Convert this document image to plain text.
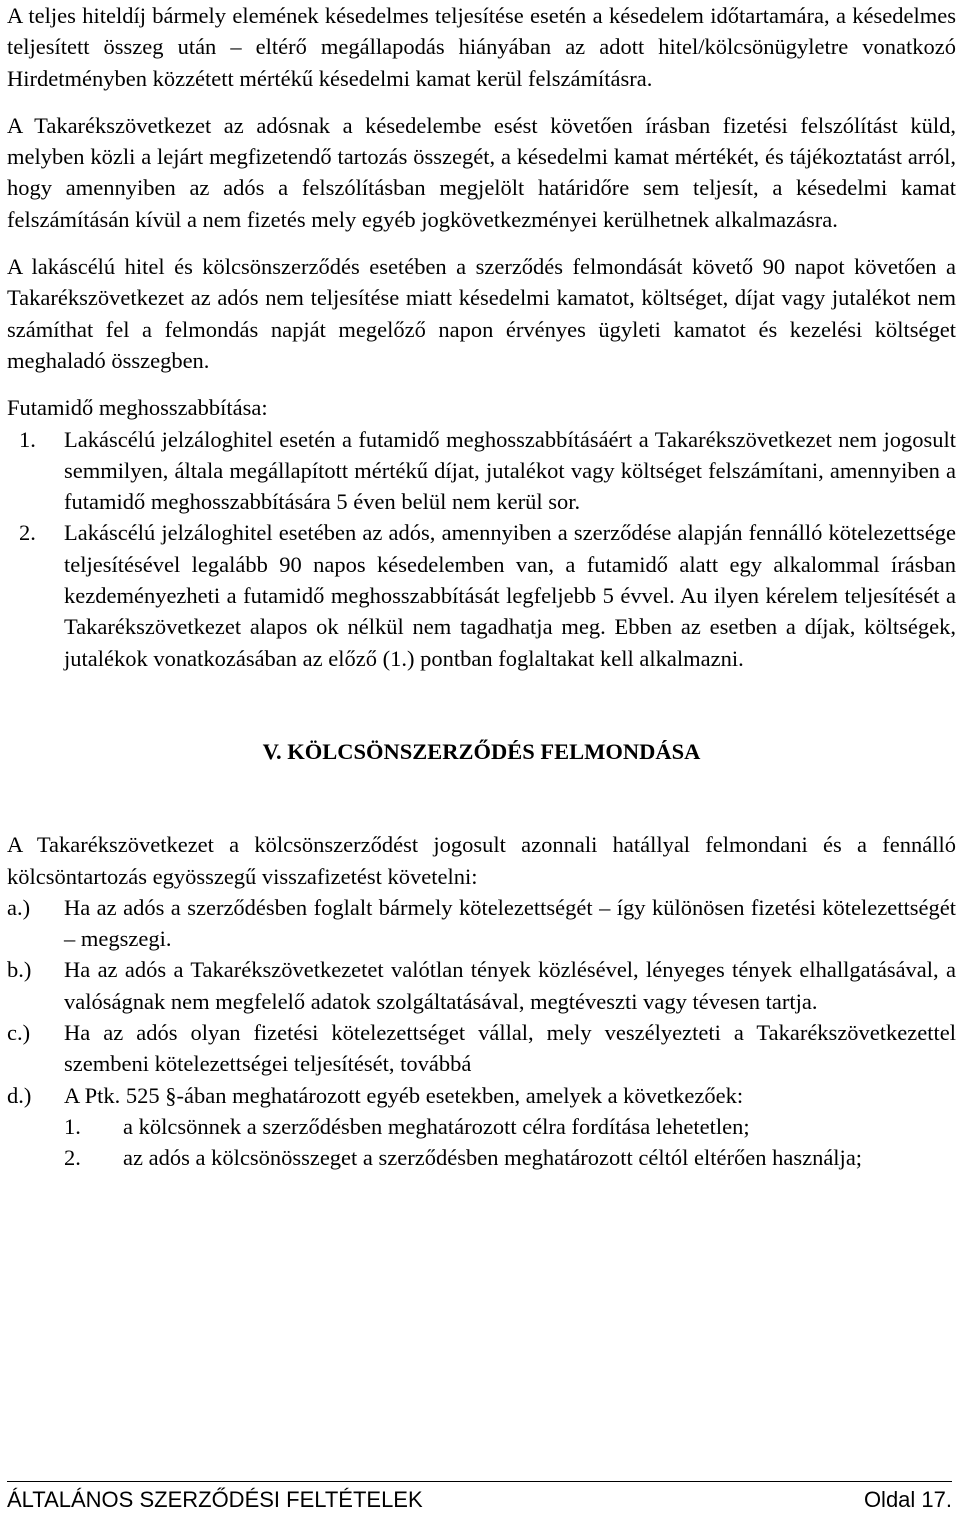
A teljes hiteldíj bármely elemének késedelmes teljesítése esetén a késedelem időtartamára, a késedelmes teljesített összeg után – eltérő megállapodás hiányában az adott hitel/kölcsönügyletre vonatkozó Hirdetményben közzétett mértékű késedelmi kamat kerül felszámításra.

A Takarékszövetkezet az adósnak a késedelembe esést követően írásban fizetési felszólítást küld, melyben közli a lejárt megfizetendő tartozás összegét, a késedelmi kamat mértékét, és tájékoztatást arról, hogy amennyiben az adós a felszólításban megjelölt határidőre sem teljesít, a késedelmi kamat felszámításán kívül a nem fizetés mely egyéb jogkövetkezményei kerülhetnek alkalmazásra.

A lakáscélú hitel és kölcsönszerződés esetében a szerződés felmondását követő 90 napot követően a Takarékszövetkezet az adós nem teljesítése miatt késedelmi kamatot, költséget, díjat vagy jutalékot nem számíthat fel a felmondás napját megelőző napon érvényes ügyleti kamatot és kezelési költséget meghaladó összegben.

Futamidő meghosszabbítása:

1. Lakáscélú jelzáloghitel esetén a futamidő meghosszabbításáért a Takarékszövetkezet nem jogosult semmilyen, általa megállapított mértékű díjat, jutalékot vagy költséget felszámítani, amennyiben a futamidő meghosszabbítására 5 éven belül nem kerül sor.
2. Lakáscélú jelzáloghitel esetében az adós, amennyiben a szerződése alapján fennálló kötelezettsége teljesítésével legalább 90 napos késedelemben van, a futamidő alatt egy alkalommal írásban kezdeményezheti a futamidő meghosszabbítását legfeljebb 5 évvel. Au ilyen kérelem teljesítését a Takarékszövetkezet alapos ok nélkül nem tagadhatja meg. Ebben az esetben a díjak, költségek, jutalékok vonatkozásában az előző (1.) pontban foglaltakat kell alkalmazni.

V. KÖLCSÖNSZERZŐDÉS FELMONDÁSA

A Takarékszövetkezet a kölcsönszerződést jogosult azonnali hatállyal felmondani és a fennálló kölcsöntartozás egyösszegű visszafizetést követelni:

a.) Ha az adós a szerződésben foglalt bármely kötelezettségét – így különösen fizetési kötelezettségét – megszegi.
b.) Ha az adós a Takarékszövetkezetet valótlan tények közlésével, lényeges tények elhallgatásával, a valóságnak nem megfelelő adatok szolgáltatásával, megtéveszti vagy tévesen tartja.
c.) Ha az adós olyan fizetési kötelezettséget vállal, mely veszélyezteti a Takarékszövetkezettel szembeni kötelezettségei teljesítését, továbbá
d.) A Ptk. 525 §-ában meghatározott egyéb esetekben, amelyek a következőek:
1. a kölcsönnek a szerződésben meghatározott célra fordítása lehetetlen;
2. az adós a kölcsönösszeget a szerződésben meghatározott céltól eltérően használja;
ÁLTALÁNOS SZERZŐDÉSI FELTÉTELEK	Oldal 17.
